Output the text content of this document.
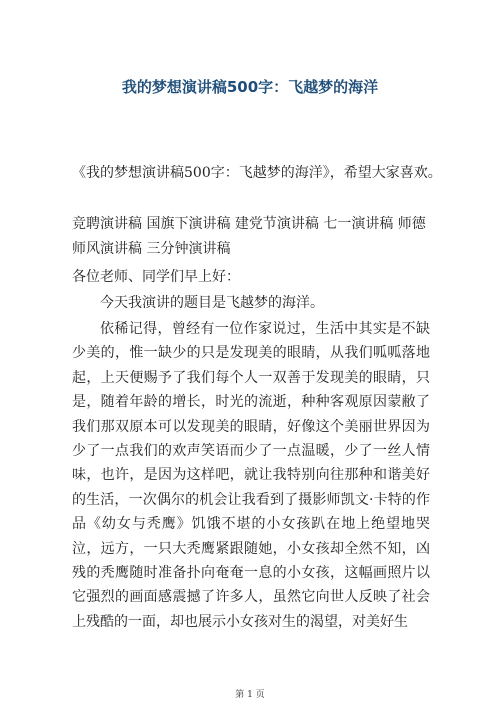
我的梦想演讲稿500字：飞越梦的海洋
《我的梦想演讲稿500字：飞越梦的海洋》，希望大家喜欢。
竞聘演讲稿 国旗下演讲稿 建党节演讲稿 七一演讲稿 师德师风演讲稿 三分钟演讲稿
各位老师、同学们早上好：
今天我演讲的题目是飞越梦的海洋。
依稀记得，曾经有一位作家说过，生活中其实是不缺少美的，惟一缺少的只是发现美的眼睛，从我们呱呱落地起，上天便赐予了我们每个人一双善于发现美的眼睛，只是，随着年龄的增长，时光的流逝，种种客观原因蒙敝了我们那双原本可以发现美的眼睛，好像这个美丽世界因为少了一点我们的欢声笑语而少了一点温暖，少了一丝人情味，也许，是因为这样吧，就让我特别向往那种和谐美好的生活，一次偶尔的机会让我看到了摄影师凯文·卡特的作品《幼女与秃鹰》饥饿不堪的小女孩趴在地上绝望地哭泣，远方，一只大秃鹰紧跟随她，小女孩却全然不知，凶残的秃鹰随时准备扑向奄奄一息的小女孩，这幅画照片以它强烈的画面感震撼了许多人，虽然它向世人反映了社会上残酷的一面，却也展示小女孩对生的渴望，对美好生
第 1 页
